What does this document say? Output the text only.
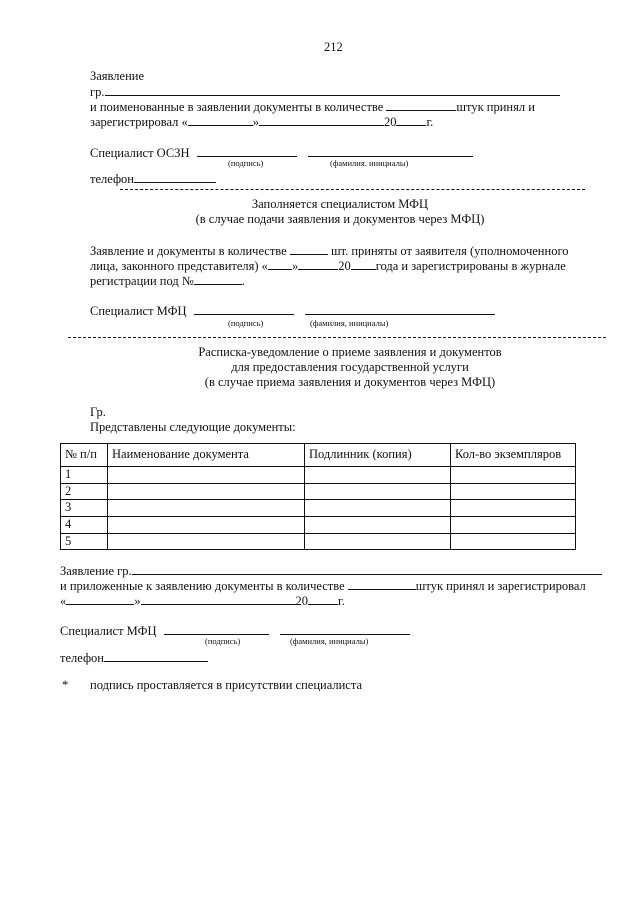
212
Заявление
гр.
и поименованные в заявлении документы в количестве	штук принял и
зарегистрировал «	»	20 г.
Специалист ОСЗН
(подпись)	(фамилия. инициалы)
телефон
Заполняется специалистом МФЦ
(в случае подачи заявления и документов через МФЦ)
Заявление и документы в количестве	шт. приняты от заявителя (уполномоченного
лица, законного представителя) « »	20 года и зарегистрированы в журнале
регистрации под №	.
Специалист МФЦ
(подпись)	(фамилия, инициалы)
Расписка-уведомление о приеме заявления и документов
для предоставления государственной услуги
(в случае приема заявления и документов через МФЦ)
Гр.
Представлены следующие документы:
№ п/п	Наименование документа	Подлинник (копия)	Кол-во экземпляров
1			
2			
3			
4			
5			
Заявление гр.
и приложенные к заявлению документы в количестве	штук принял и зарегистрировал
«	»	20 г.
Специалист МФЦ
(подпись)	(фамилия, инициалы)
телефон
* подпись проставляется в присутствии специалиста
